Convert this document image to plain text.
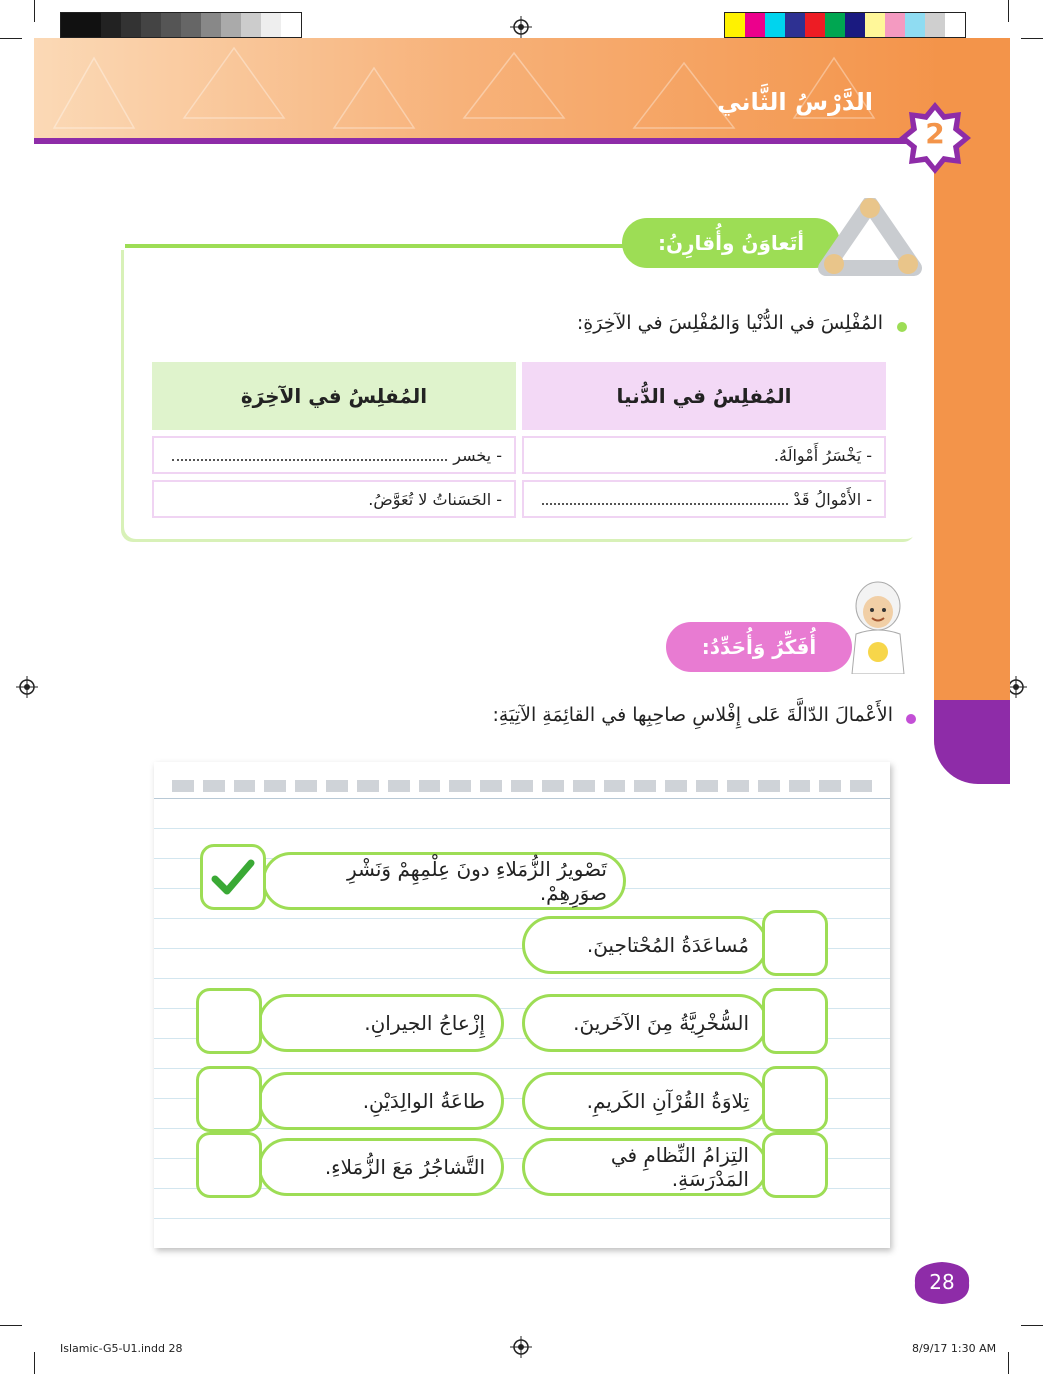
الدَّرْسُ الثَّاني
2
أتَعاوَنُ وأُقارِنُ:
المُفْلِسَ في الدُّنْيا وَالمُفْلِسَ في الآخِرَةِ:
المُفلِسُ في الدُّنيا
المُفلِسُ في الآخِرَةِ
- يَخْسَرُ أَمْوالَهُ.
- يخسر
- الأَمْوالُ قَدْ
- الحَسَناتُ لا تُعَوَّضُ.
أُفَكِّرُ وَأُحَدِّدُ:
الأَعْمالَ الدّالَّةَ عَلى إِفْلاسِ صاحِبِها في القائِمَةِ الآتِيَةِ:
تَصْويرُ الزُّمَلاءِ دونَ عِلْمِهِمْ وَنَشْرِ صوَرِهِمْ.
مُساعَدَةُ المُحْتاجينَ.
السُّخْرِيَّةُ مِنَ الآخَرينَ.
تِلاوَةُ القُرْآنِ الكَريمِ.
التِزامُ النِّظامِ في المَدْرَسَةِ.
إِزْعاجُ الجيرانِ.
طاعَةُ الوالِدَيْنِ.
التَّشاجُرُ مَعَ الزُّمَلاءِ.
28
Islamic-G5-U1.indd 28	8/9/17 1:30 AM
